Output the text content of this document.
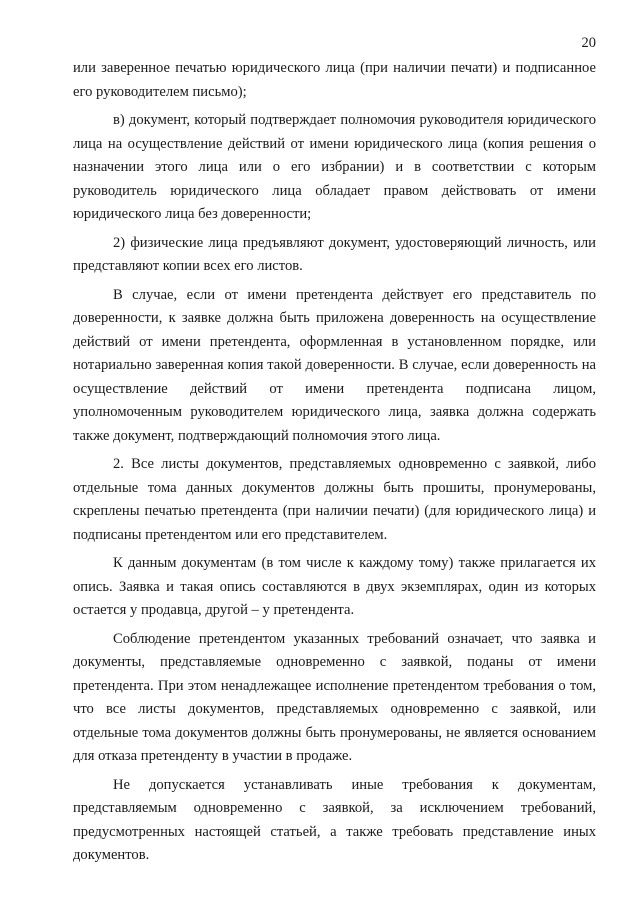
20

или заверенное печатью юридического лица (при наличии печати) и подписанное его руководителем письмо);

в) документ, который подтверждает полномочия руководителя юридического лица на осуществление действий от имени юридического лица (копия решения о назначении этого лица или о его избрании) и в соответствии с которым руководитель юридического лица обладает правом действовать от имени юридического лица без доверенности;

2) физические лица предъявляют документ, удостоверяющий личность, или представляют копии всех его листов.

В случае, если от имени претендента действует его представитель по доверенности, к заявке должна быть приложена доверенность на осуществление действий от имени претендента, оформленная в установленном порядке, или нотариально заверенная копия такой доверенности. В случае, если доверенность на осуществление действий от имени претендента подписана лицом, уполномоченным руководителем юридического лица, заявка должна содержать также документ, подтверждающий полномочия этого лица.

2. Все листы документов, представляемых одновременно с заявкой, либо отдельные тома данных документов должны быть прошиты, пронумерованы, скреплены печатью претендента (при наличии печати) (для юридического лица) и подписаны претендентом или его представителем.

К данным документам (в том числе к каждому тому) также прилагается их опись. Заявка и такая опись составляются в двух экземплярах, один из которых остается у продавца, другой – у претендента.

Соблюдение претендентом указанных требований означает, что заявка и документы, представляемые одновременно с заявкой, поданы от имени претендента. При этом ненадлежащее исполнение претендентом требования о том, что все листы документов, представляемых одновременно с заявкой, или отдельные тома документов должны быть пронумерованы, не является основанием для отказа претенденту в участии в продаже.

Не допускается устанавливать иные требования к документам, представляемым одновременно с заявкой, за исключением требований, предусмотренных настоящей статьей, а также требовать представление иных документов.
